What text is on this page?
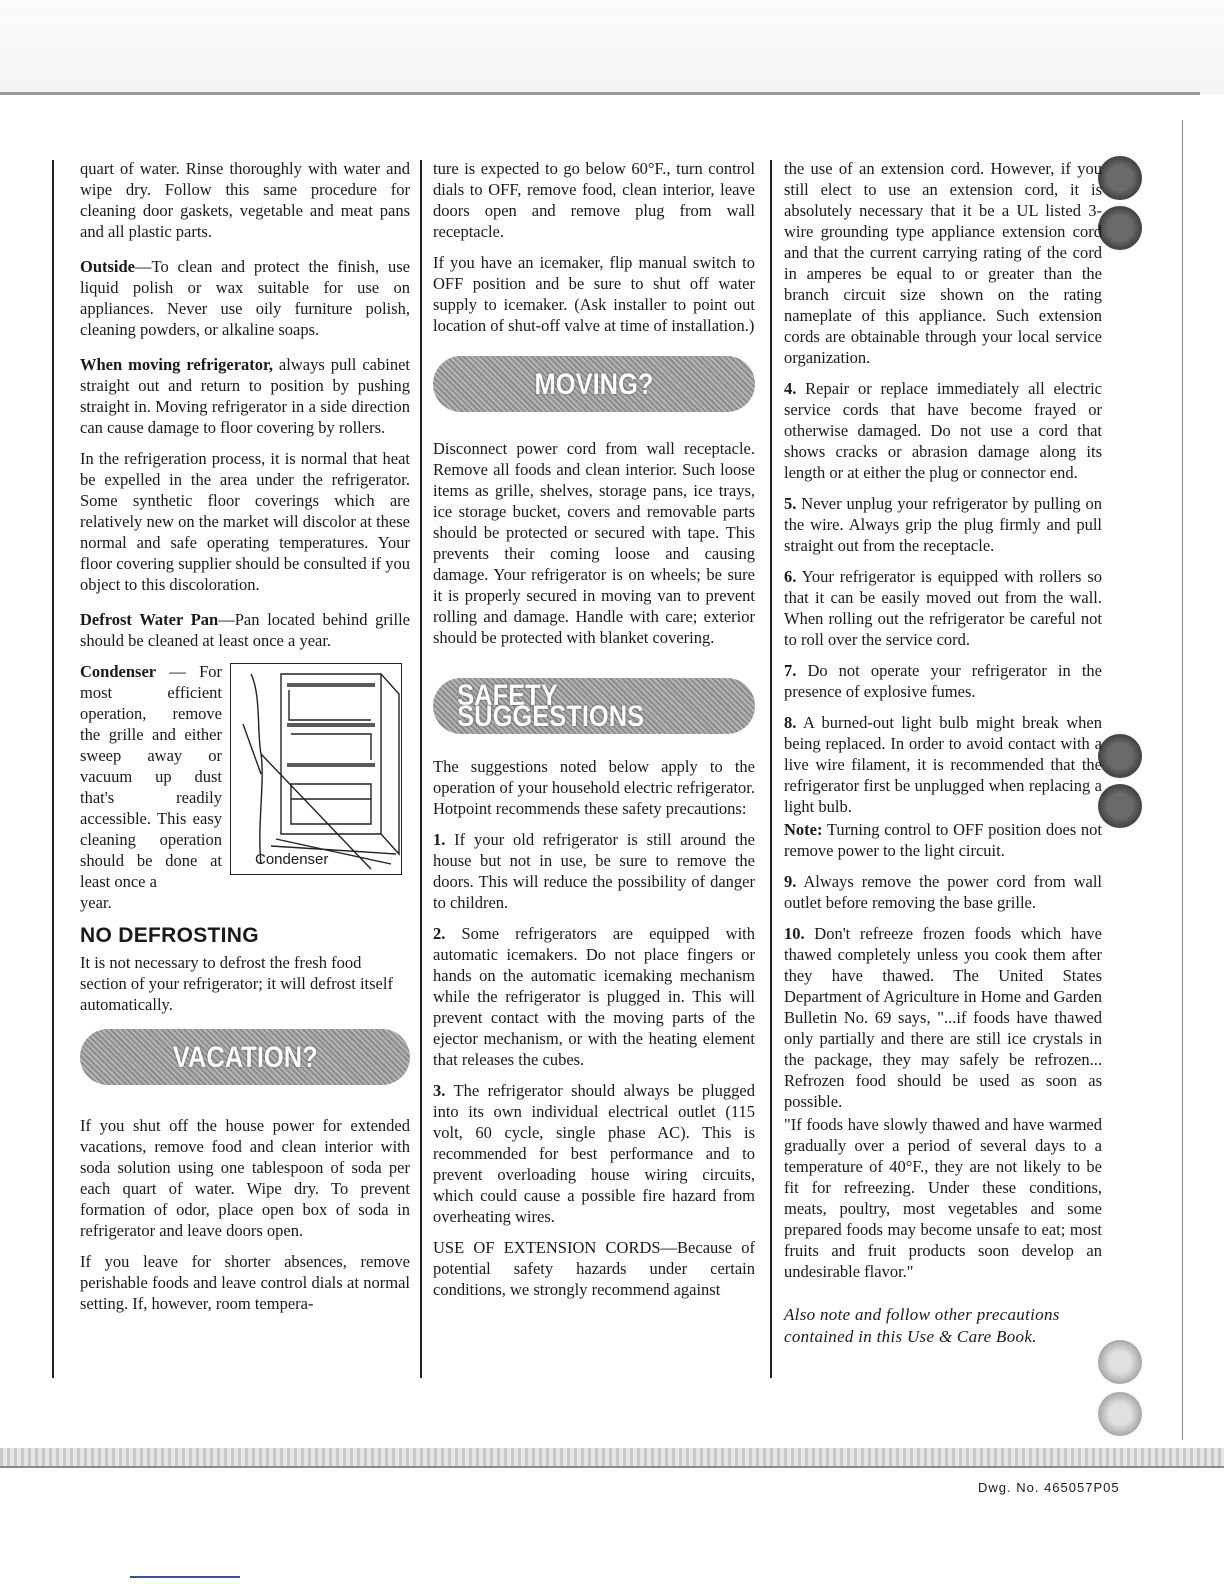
quart of water. Rinse thoroughly with water and wipe dry. Follow this same procedure for cleaning door gaskets, vegetable and meat pans and all plastic parts.

Outside—To clean and protect the finish, use liquid polish or wax suitable for use on appliances. Never use oily furniture polish, cleaning powders, or alkaline soaps.

When moving refrigerator, always pull cabinet straight out and return to position by pushing straight in. Moving refrigerator in a side direction can cause damage to floor covering by rollers.

In the refrigeration process, it is normal that heat be expelled in the area under the refrigerator. Some synthetic floor coverings which are relatively new on the market will discolor at these normal and safe operating temperatures. Your floor covering supplier should be consulted if you object to this discoloration.

Defrost Water Pan—Pan located behind grille should be cleaned at least once a year.

Condenser — For most efficient operation, remove the grille and either sweep away or vacuum up dust that's readily accessible. This easy cleaning operation should be done at least once a
year.
Condenser
NO DEFROSTING

It is not necessary to defrost the fresh food section of your refrigerator; it will defrost itself automatically.

VACATION?

If you shut off the house power for extended vacations, remove food and clean interior with soda solution using one tablespoon of soda per each quart of water. Wipe dry. To prevent formation of odor, place open box of soda in refrigerator and leave doors open.

If you leave for shorter absences, remove perishable foods and leave control dials at normal setting. If, however, room tempera-

ture is expected to go below 60°F., turn control dials to OFF, remove food, clean interior, leave doors open and remove plug from wall receptacle.

If you have an icemaker, flip manual switch to OFF position and be sure to shut off water supply to icemaker. (Ask installer to point out location of shut-off valve at time of installation.)

MOVING?

Disconnect power cord from wall receptacle. Remove all foods and clean interior. Such loose items as grille, shelves, storage pans, ice trays, ice storage bucket, covers and removable parts should be protected or secured with tape. This prevents their coming loose and causing damage. Your refrigerator is on wheels; be sure it is properly secured in moving van to prevent rolling and damage. Handle with care; exterior should be protected with blanket covering.

SAFETY SUGGESTIONS

The suggestions noted below apply to the operation of your household electric refrigerator. Hotpoint recommends these safety precautions:

1. If your old refrigerator is still around the house but not in use, be sure to remove the doors. This will reduce the possibility of danger to children.

2. Some refrigerators are equipped with automatic icemakers. Do not place fingers or hands on the automatic icemaking mechanism while the refrigerator is plugged in. This will prevent contact with the moving parts of the ejector mechanism, or with the heating element that releases the cubes.

3. The refrigerator should always be plugged into its own individual electrical outlet (115 volt, 60 cycle, single phase AC). This is recommended for best performance and to prevent overloading house wiring circuits, which could cause a possible fire hazard from overheating wires.

USE OF EXTENSION CORDS—Because of potential safety hazards under certain conditions, we strongly recommend against

the use of an extension cord. However, if you still elect to use an extension cord, it is absolutely necessary that it be a UL listed 3-wire grounding type appliance extension cord and that the current carrying rating of the cord in amperes be equal to or greater than the branch circuit size shown on the rating nameplate of this appliance. Such extension cords are obtainable through your local service organization.

4. Repair or replace immediately all electric service cords that have become frayed or otherwise damaged. Do not use a cord that shows cracks or abrasion damage along its length or at either the plug or connector end.

5. Never unplug your refrigerator by pulling on the wire. Always grip the plug firmly and pull straight out from the receptacle.

6. Your refrigerator is equipped with rollers so that it can be easily moved out from the wall. When rolling out the refrigerator be careful not to roll over the service cord.

7. Do not operate your refrigerator in the presence of explosive fumes.

8. A burned-out light bulb might break when being replaced. In order to avoid contact with a live wire filament, it is recommended that the refrigerator first be unplugged when replacing a light bulb.

Note: Turning control to OFF position does not remove power to the light circuit.

9. Always remove the power cord from wall outlet before removing the base grille.

10. Don't refreeze frozen foods which have thawed completely unless you cook them after they have thawed. The United States Department of Agriculture in Home and Garden Bulletin No. 69 says, "...if foods have thawed only partially and there are still ice crystals in the package, they may safely be refrozen... Refrozen food should be used as soon as possible.

"If foods have slowly thawed and have warmed gradually over a period of several days to a temperature of 40°F., they are not likely to be fit for refreezing. Under these conditions, meats, poultry, most vegetables and some prepared foods may become unsafe to eat; most fruits and fruit products soon develop an undesirable flavor."

Also note and follow other precautions contained in this Use & Care Book.
Dwg. No. 465057P05
